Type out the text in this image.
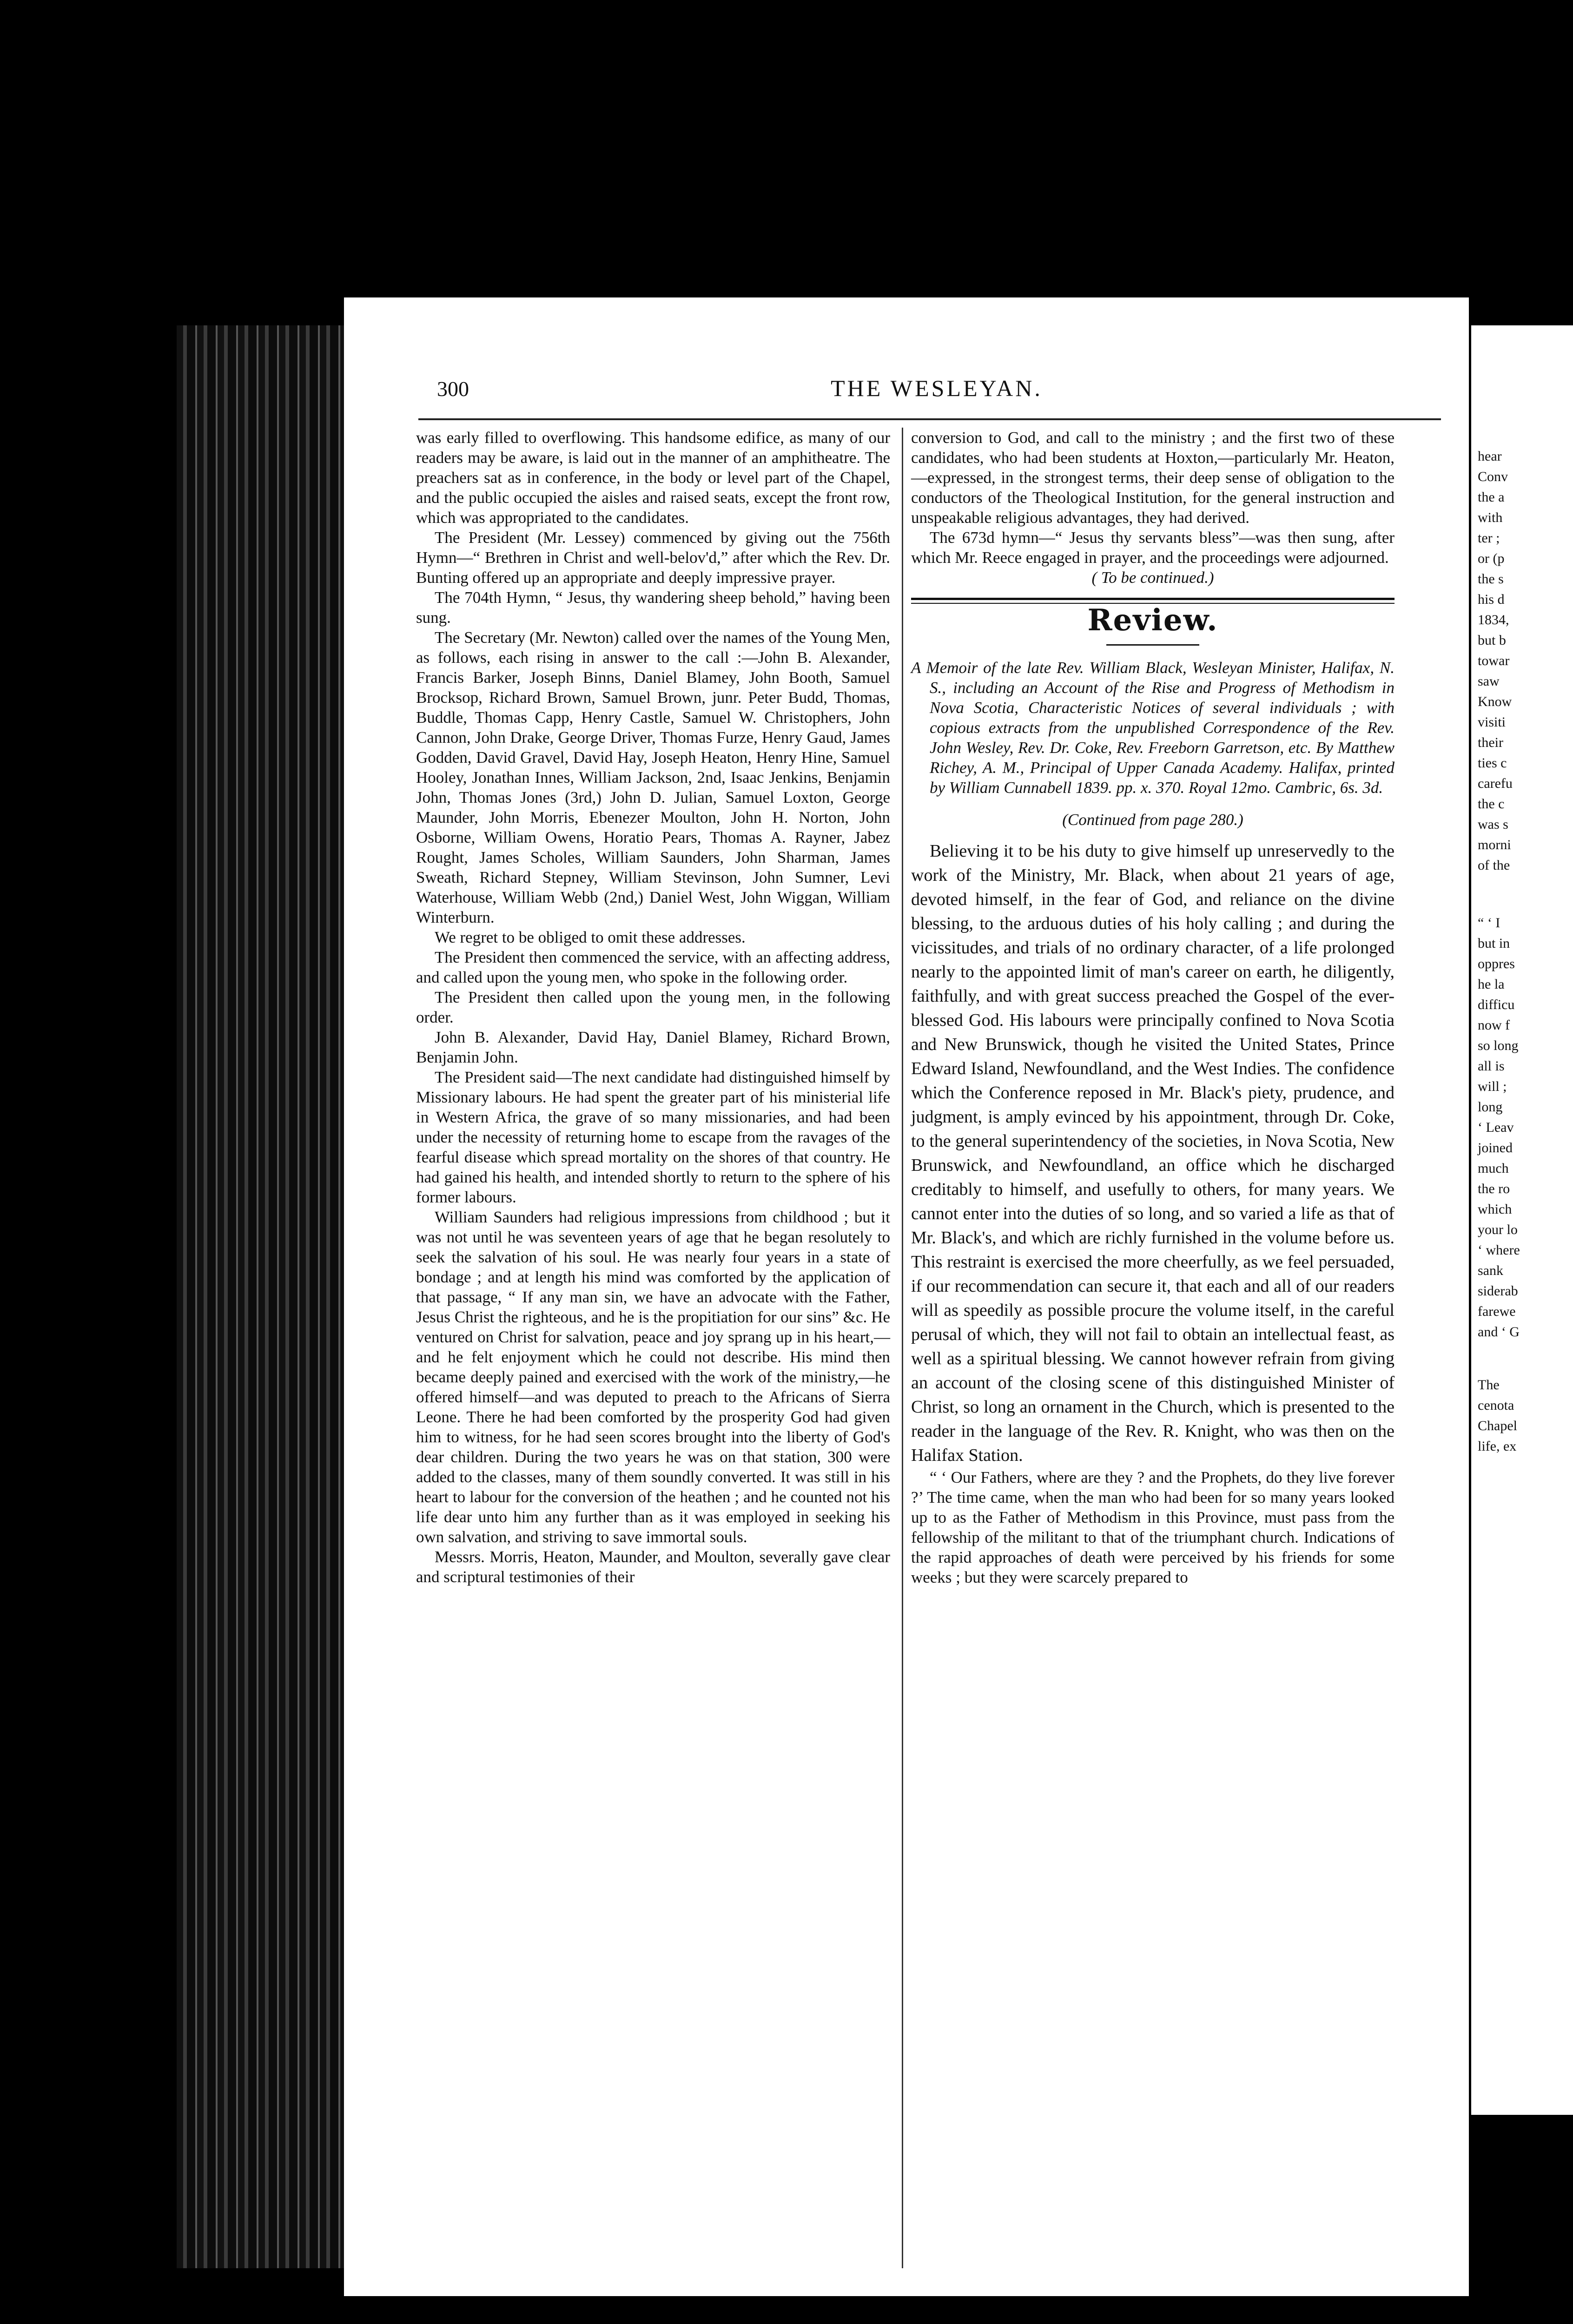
300	THE WESLEYAN.

was early filled to overflowing. This handsome edifice, as many of our readers may be aware, is laid out in the manner of an amphitheatre. The preachers sat as in conference, in the body or level part of the Chapel, and the public occupied the aisles and raised seats, except the front row, which was appropriated to the candidates.

The President (Mr. Lessey) commenced by giving out the 756th Hymn—“ Brethren in Christ and well-belov'd,” after which the Rev. Dr. Bunting offered up an appropriate and deeply impressive prayer.

The 704th Hymn, “ Jesus, thy wandering sheep behold,” having been sung.

The Secretary (Mr. Newton) called over the names of the Young Men, as follows, each rising in answer to the call :—John B. Alexander, Francis Barker, Joseph Binns, Daniel Blamey, John Booth, Samuel Brocksop, Richard Brown, Samuel Brown, junr. Peter Budd, Thomas, Buddle, Thomas Capp, Henry Castle, Samuel W. Christophers, John Cannon, John Drake, George Driver, Thomas Furze, Henry Gaud, James Godden, David Gravel, David Hay, Joseph Heaton, Henry Hine, Samuel Hooley, Jonathan Innes, William Jackson, 2nd, Isaac Jenkins, Benjamin John, Thomas Jones (3rd,) John D. Julian, Samuel Loxton, George Maunder, John Morris, Ebenezer Moulton, John H. Norton, John Osborne, William Owens, Horatio Pears, Thomas A. Rayner, Jabez Rought, James Scholes, William Saunders, John Sharman, James Sweath, Richard Stepney, William Stevinson, John Sumner, Levi Waterhouse, William Webb (2nd,) Daniel West, John Wiggan, William Winterburn.

We regret to be obliged to omit these addresses.

The President then commenced the service, with an affecting address, and called upon the young men, who spoke in the following order.

The President then called upon the young men, in the following order.

John B. Alexander, David Hay, Daniel Blamey, Richard Brown, Benjamin John.

The President said—The next candidate had distinguished himself by Missionary labours. He had spent the greater part of his ministerial life in Western Africa, the grave of so many missionaries, and had been under the necessity of returning home to escape from the ravages of the fearful disease which spread mortality on the shores of that country. He had gained his health, and intended shortly to return to the sphere of his former labours.

William Saunders had religious impressions from childhood ; but it was not until he was seventeen years of age that he began resolutely to seek the salvation of his soul. He was nearly four years in a state of bondage ; and at length his mind was comforted by the application of that passage, “ If any man sin, we have an advocate with the Father, Jesus Christ the righteous, and he is the propitiation for our sins” &c. He ventured on Christ for salvation, peace and joy sprang up in his heart,—and he felt enjoyment which he could not describe. His mind then became deeply pained and exercised with the work of the ministry,—he offered himself—and was deputed to preach to the Africans of Sierra Leone. There he had been comforted by the prosperity God had given him to witness, for he had seen scores brought into the liberty of God's dear children. During the two years he was on that station, 300 were added to the classes, many of them soundly converted. It was still in his heart to labour for the conversion of the heathen ; and he counted not his life dear unto him any further than as it was employed in seeking his own salvation, and striving to save immortal souls.

Messrs. Morris, Heaton, Maunder, and Moulton, severally gave clear and scriptural testimonies of their

conversion to God, and call to the ministry ; and the first two of these candidates, who had been students at Hoxton,—particularly Mr. Heaton,—expressed, in the strongest terms, their deep sense of obligation to the conductors of the Theological Institution, for the general instruction and unspeakable religious advantages, they had derived.

The 673d hymn—“ Jesus thy servants bless”—was then sung, after which Mr. Reece engaged in prayer, and the proceedings were adjourned.

( To be continued.)

Review.

A Memoir of the late Rev. William Black, Wesleyan Minister, Halifax, N. S., including an Account of the Rise and Progress of Methodism in Nova Scotia, Characteristic Notices of several individuals ; with copious extracts from the unpublished Correspondence of the Rev. John Wesley, Rev. Dr. Coke, Rev. Freeborn Garretson, etc. By Matthew Richey, A. M., Principal of Upper Canada Academy. Halifax, printed by William Cunnabell 1839. pp. x. 370. Royal 12mo. Cambric, 6s. 3d.

(Continued from page 280.)

Believing it to be his duty to give himself up unreservedly to the work of the Ministry, Mr. Black, when about 21 years of age, devoted himself, in the fear of God, and reliance on the divine blessing, to the arduous duties of his holy calling ; and during the vicissitudes, and trials of no ordinary character, of a life prolonged nearly to the appointed limit of man's career on earth, he diligently, faithfully, and with great success preached the Gospel of the ever-blessed God. His labours were principally confined to Nova Scotia and New Brunswick, though he visited the United States, Prince Edward Island, Newfoundland, and the West Indies. The confidence which the Conference reposed in Mr. Black's piety, prudence, and judgment, is amply evinced by his appointment, through Dr. Coke, to the general superintendency of the societies, in Nova Scotia, New Brunswick, and Newfoundland, an office which he discharged creditably to himself, and usefully to others, for many years. We cannot enter into the duties of so long, and so varied a life as that of Mr. Black's, and which are richly furnished in the volume before us. This restraint is exercised the more cheerfully, as we feel persuaded, if our recommendation can secure it, that each and all of our readers will as speedily as possible procure the volume itself, in the careful perusal of which, they will not fail to obtain an intellectual feast, as well as a spiritual blessing. We cannot however refrain from giving an account of the closing scene of this distinguished Minister of Christ, so long an ornament in the Church, which is presented to the reader in the language of the Rev. R. Knight, who was then on the Halifax Station.

“ ‘ Our Fathers, where are they ? and the Prophets, do they live forever ?’ The time came, when the man who had been for so many years looked up to as the Father of Methodism in this Province, must pass from the fellowship of the militant to that of the triumphant church. Indications of the rapid approaches of death were perceived by his friends for some weeks ; but they were scarcely prepared to

hear
Conv
the a
with
ter ;
or (p
the s
his d
1834,
but b
towar
saw
Know
visiti
their
ties c
carefu
the c
was s
morni
of the
“ ‘ I
but in
oppres
he la
difficu
now f
so long
all is
will ;
long
‘ Leav
joined
much
the ro
which
your lo
‘ where
sank
siderab
farewe
and ‘ G
The
cenota
Chapel
life, ex
